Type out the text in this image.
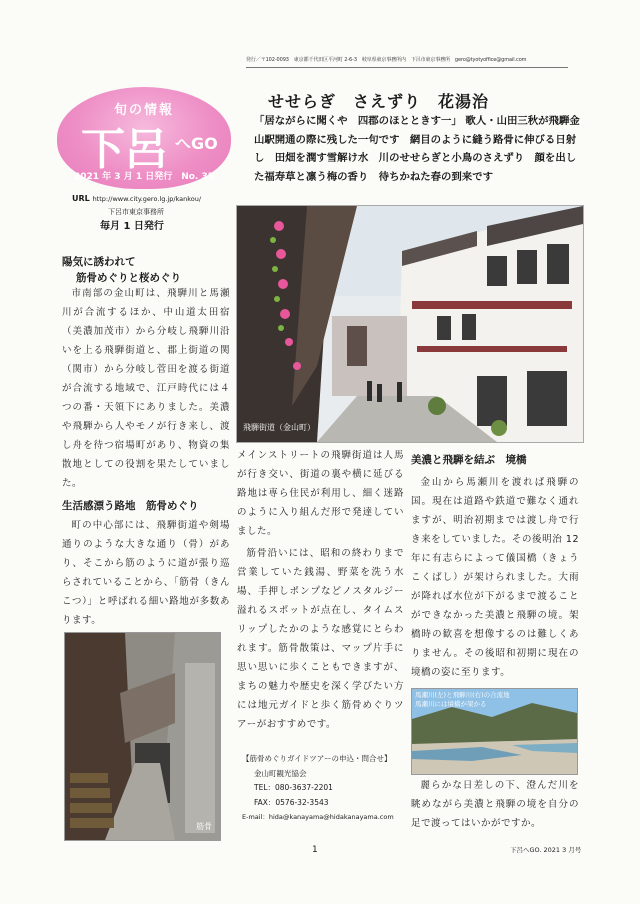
発行／〒102-0093　東京都千代田区平河町 2-6-3　岐阜県東京事務所内　下呂市東京事務所　gero@tyotyoffice@gmail.com
旬の情報
下呂 へGO
2021 年 3 月 1 日発行　No. 35
URL http://www.city.gero.lg.jp/kankou/
下呂市東京事務所
毎月 1 日発行
せせらぎ　さえずり　花湯治
「居ながらに聞くや　四郡のほとときす一」 歌人・山田三秋が飛騨金山駅開通の際に残した一句です　網目のように縫う路骨に伸びる日射し　田畑を潤す雪解け水　川のせせらぎと小鳥のさえずり　顔を出した福寿草と凛う梅の香り　待ちかねた春の到来です
飛騨街道（金山町）
陽気に誘われて
筋骨めぐりと桜めぐり
市南部の金山町は、飛騨川と馬瀬川が合流するほか、中山道太田宿（美濃加茂市）から分岐し飛騨川沿いを上る飛騨街道と、郡上街道の関（関市）から分岐し菅田を渡る街道が合流する地域で、江戸時代には４つの番・天領下にありました。美濃や飛騨から人やモノが行き来し、渡し舟を待つ宿場町があり、物資の集散地としての役割を果たしていました。
生活感漂う路地　筋骨めぐり
町の中心部には、飛騨街道や剣場通りのような大きな通り（骨）があり、そこから筋のように道が張り巡らされていることから、「筋骨（きんこつ）」と呼ばれる細い路地が多数あります。
筋骨
メインストリートの飛騨街道は人馬が行き交い、街道の裏や横に延びる路地は専ら住民が利用し、細く迷路のように入り組んだ形で発達していました。
筋骨沿いには、昭和の終わりまで営業していた銭湯、野菜を洗う水場、手押しポンプなどノスタルジー溢れるスポットが点在し、タイムスリップしたかのような感覚にとらわれます。筋骨散策は、マップ片手に思い思いに歩くこともできますが、まちの魅力や歴史を深く学びたい方には地元ガイドと歩く筋骨めぐりツアーがおすすめです。
【筋骨めぐりガイドツアーの申込・問合せ】
金山町観光協会
TEL：080-3637-2201
FAX：0576-32-3543
E-mail：hida@kanayama@hidakanayama.com
美濃と飛騨を結ぶ　境橋
金山から馬瀬川を渡れば飛騨の国。現在は道路や鉄道で難なく通れますが、明治初期までは渡し舟で行き来をしていました。その後明治 12 年に有志らによって儀国橋（きょうこくばし）が架けられました。大雨が降れば水位が下がるまで渡ることができなかった美濃と飛騨の境。架橋時の歓喜を想像するのは難しくありません。その後昭和初期に現在の境橋の姿に至ります。
馬瀬川(左)と飛騨川(右)の合流地
馬瀬川には境橋が架かる
麗らかな日差しの下、澄んだ川を眺めながら美濃と飛騨の境を自分の足で渡ってはいかがですか。
1	下呂へGO. 2021 3 月号
